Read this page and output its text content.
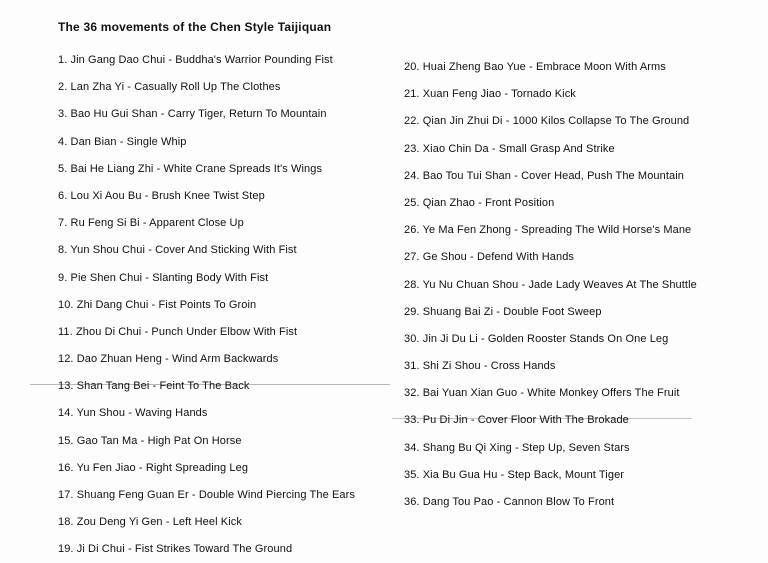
The 36 movements of the Chen Style Taijiquan
1. Jin Gang Dao Chui - Buddha's Warrior Pounding Fist
2. Lan Zha Yi - Casually Roll Up The Clothes
3. Bao Hu Gui Shan - Carry Tiger, Return To Mountain
4. Dan Bian - Single Whip
5. Bai He Liang Zhi - White Crane Spreads It's Wings
6. Lou Xi Aou Bu - Brush Knee Twist Step
7. Ru Feng Si Bi - Apparent Close Up
8. Yun Shou Chui - Cover And Sticking With Fist
9. Pie Shen Chui - Slanting Body With Fist
10. Zhi Dang Chui - Fist Points To Groin
11. Zhou Di Chui - Punch Under Elbow With Fist
12. Dao Zhuan Heng - Wind Arm Backwards
13. Shan Tang Bei - Feint To The Back
14. Yun Shou - Waving Hands
15. Gao Tan Ma - High Pat On Horse
16. Yu Fen Jiao - Right Spreading Leg
17. Shuang Feng Guan Er - Double Wind Piercing The Ears
18. Zou Deng Yi Gen - Left Heel Kick
19. Ji Di Chui - Fist Strikes Toward The Ground
20. Huai Zheng Bao Yue - Embrace Moon With Arms
21. Xuan Feng Jiao - Tornado Kick
22. Qian Jin Zhui Di - 1000 Kilos Collapse To The Ground
23. Xiao Chin Da - Small Grasp And Strike
24. Bao Tou Tui Shan - Cover Head, Push The Mountain
25. Qian Zhao - Front Position
26. Ye Ma Fen Zhong - Spreading The Wild Horse's Mane
27. Ge Shou - Defend With Hands
28. Yu Nu Chuan Shou - Jade Lady Weaves At The Shuttle
29. Shuang Bai Zi - Double Foot Sweep
30. Jin Ji Du Li - Golden Rooster Stands On One Leg
31. Shi Zi Shou - Cross Hands
32. Bai Yuan Xian Guo - White Monkey Offers The Fruit
33. Pu Di Jin - Cover Floor With The Brokade
34. Shang Bu Qi Xing - Step Up, Seven Stars
35. Xia Bu Gua Hu - Step Back, Mount Tiger
36. Dang Tou Pao - Cannon Blow To Front
